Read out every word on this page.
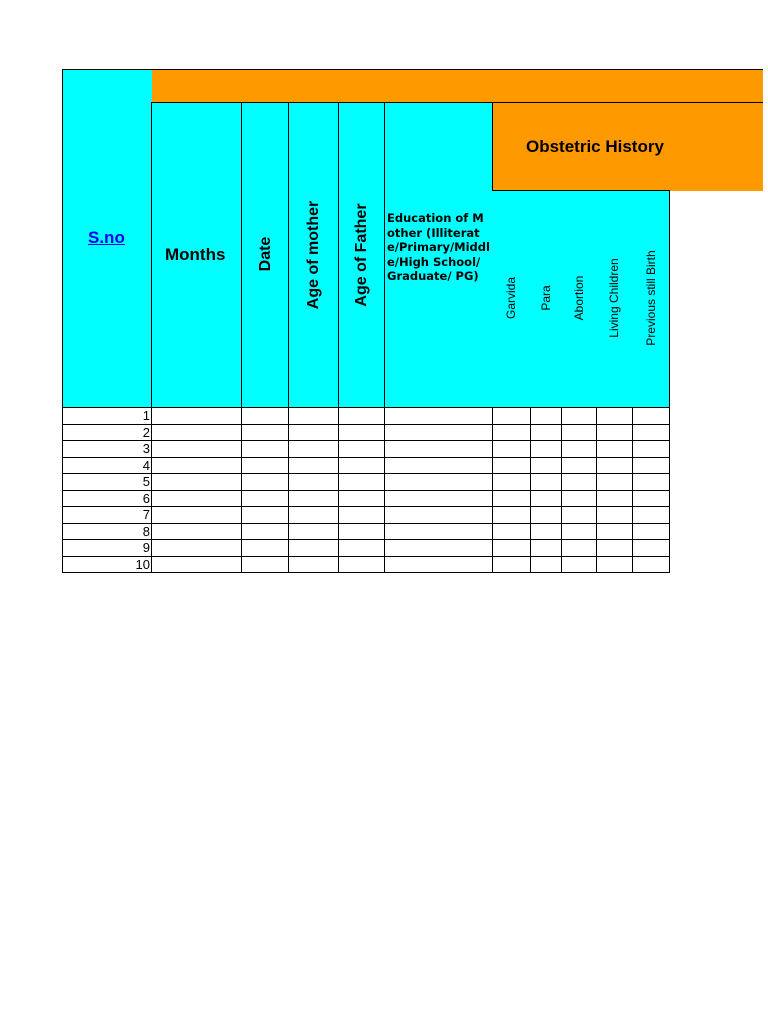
Obstetric History
S.no
Months Date Age of mother Age of Father Education of Mother (Illiterate/Primary/Middle/High School/ Graduate/ PG)
Garvida Para Abortion Living Children Previous still Birth
1
2
3
4
5
6
7
8
9
10
